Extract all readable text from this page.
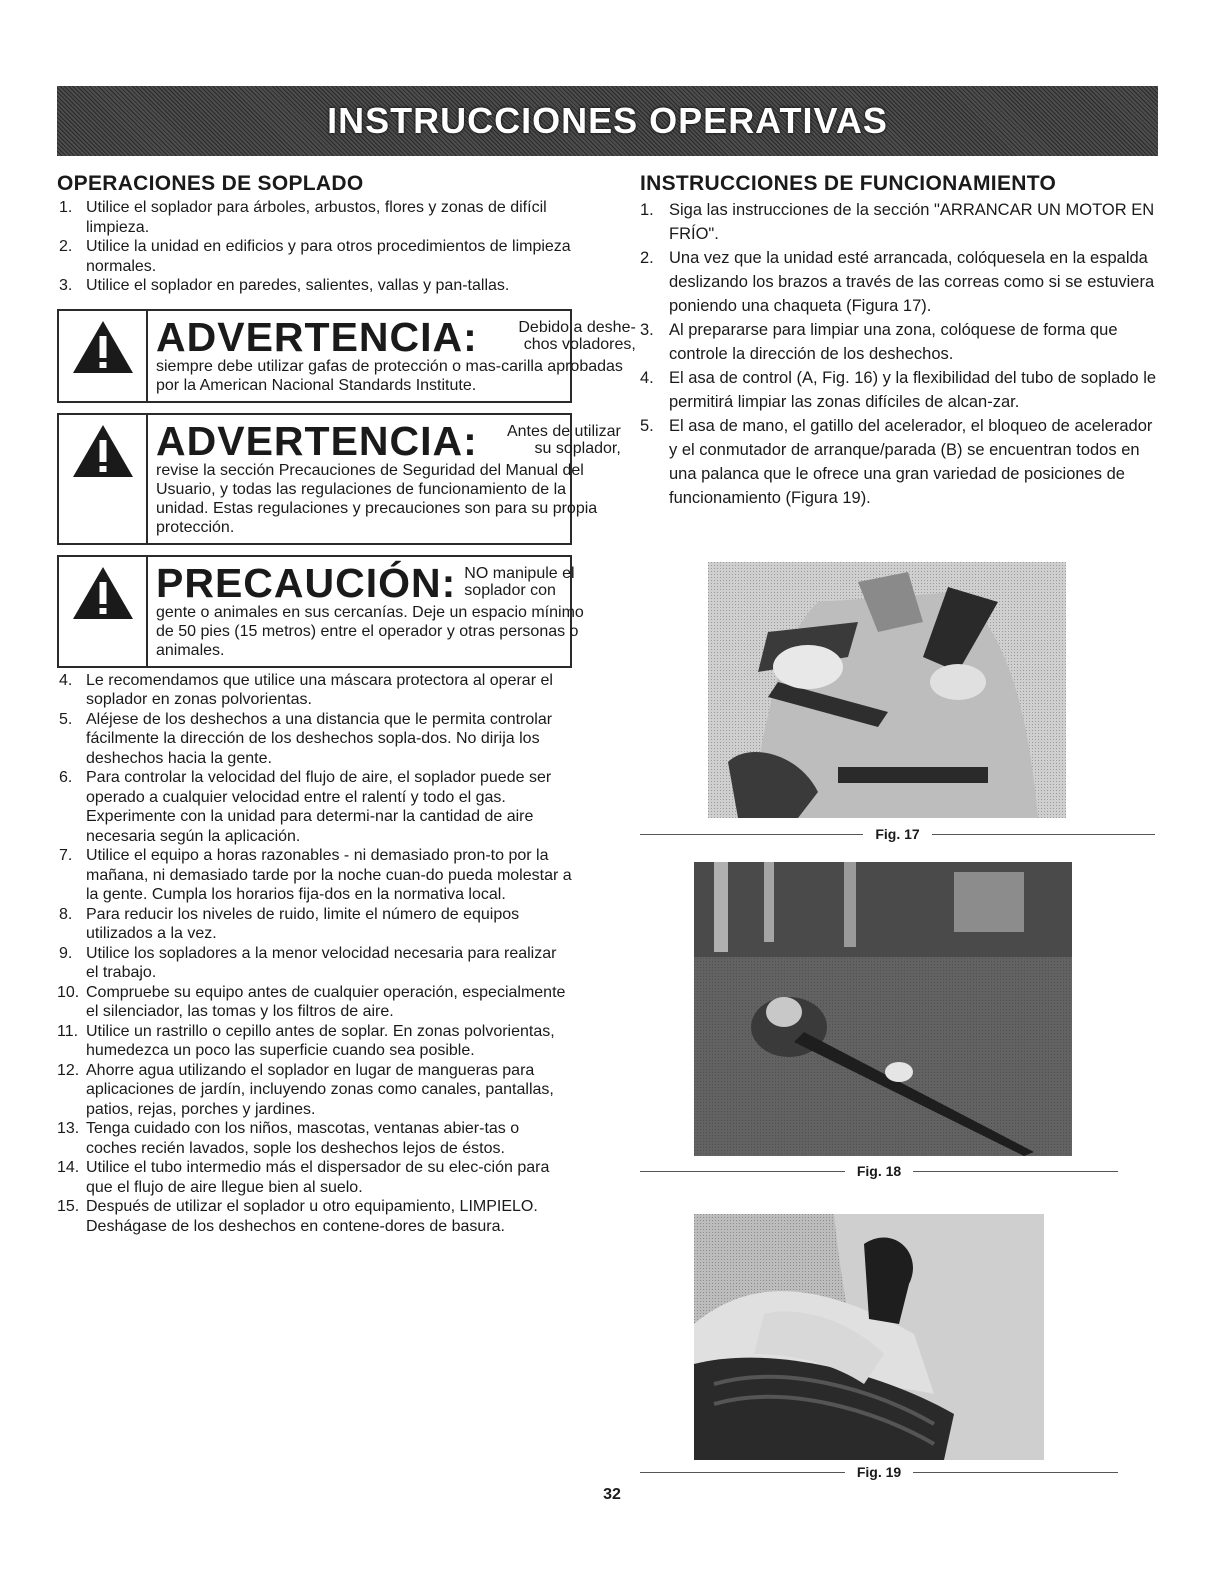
INSTRUCCIONES OPERATIVAS
OPERACIONES DE SOPLADO
1. Utilice el soplador para árboles, arbustos, flores y zonas de difícil limpieza.
2. Utilice la unidad en edificios y para otros procedimientos de limpieza normales.
3. Utilice el soplador en paredes, salientes, vallas y pan-tallas.
ADVERTENCIA:	Debido a deshe-chos voladores,
siempre debe utilizar gafas de protección o mas-carilla aprobadas por la American Nacional Standards Institute.
ADVERTENCIA:	Antes de utilizar su soplador,
revise la sección Precauciones de Seguridad del Manual del Usuario, y todas las regulaciones de funcionamiento de la unidad. Estas regulaciones y precauciones son para su propia protección.
PRECAUCIÓN: NO manipule el soplador con
gente o animales en sus cercanías. Deje un espacio mínimo de 50 pies (15 metros) entre el operador y otras personas o animales.
4. Le recomendamos que utilice una máscara protectora al operar el soplador en zonas polvorientas.
5. Aléjese de los deshechos a una distancia que le permita controlar fácilmente la dirección de los deshechos sopla-dos. No dirija los deshechos hacia la gente.
6. Para controlar la velocidad del flujo de aire, el soplador puede ser operado a cualquier velocidad entre el ralentí y todo el gas. Experimente con la unidad para determi-nar la cantidad de aire necesaria según la aplicación.
7. Utilice el equipo a horas razonables - ni demasiado pron-to por la mañana, ni demasiado tarde por la noche cuan-do pueda molestar a la gente. Cumpla los horarios fija-dos en la normativa local.
8. Para reducir los niveles de ruido, limite el número de equipos utilizados a la vez.
9. Utilice los sopladores a la menor velocidad necesaria para realizar el trabajo.
10. Compruebe su equipo antes de cualquier operación, especialmente el silenciador, las tomas y los filtros de aire.
11. Utilice un rastrillo o cepillo antes de soplar. En zonas polvorientas, humedezca un poco las superficie cuando sea posible.
12. Ahorre agua utilizando el soplador en lugar de mangueras para aplicaciones de jardín, incluyendo zonas como canales, pantallas, patios, rejas, porches y jardines.
13. Tenga cuidado con los niños, mascotas, ventanas abier-tas o coches recién lavados, sople los deshechos lejos de éstos.
14. Utilice el tubo intermedio más el dispersador de su elec-ción para que el flujo de aire llegue bien al suelo.
15. Después de utilizar el soplador u otro equipamiento, LIMPIELO. Deshágase de los deshechos en contene-dores de basura.
INSTRUCCIONES DE FUNCIONAMIENTO
1. Siga las instrucciones de la sección "ARRANCAR UN MOTOR EN FRÍO".
2. Una vez que la unidad esté arrancada, colóquesela en la espalda deslizando los brazos a través de las correas como si se estuviera poniendo una chaqueta (Figura 17).
3. Al prepararse para limpiar una zona, colóquese de forma que controle la dirección de los deshechos.
4. El asa de control (A, Fig. 16) y la flexibilidad del tubo de soplado le permitirá limpiar las zonas difíciles de alcan-zar.
5. El asa de mano, el gatillo del acelerador, el bloqueo de acelerador y el conmutador de arranque/parada (B) se encuentran todos en una palanca que le ofrece una gran variedad de posiciones de funcionamiento (Figura 19).
Fig. 17
Fig. 18
Fig. 19
32
